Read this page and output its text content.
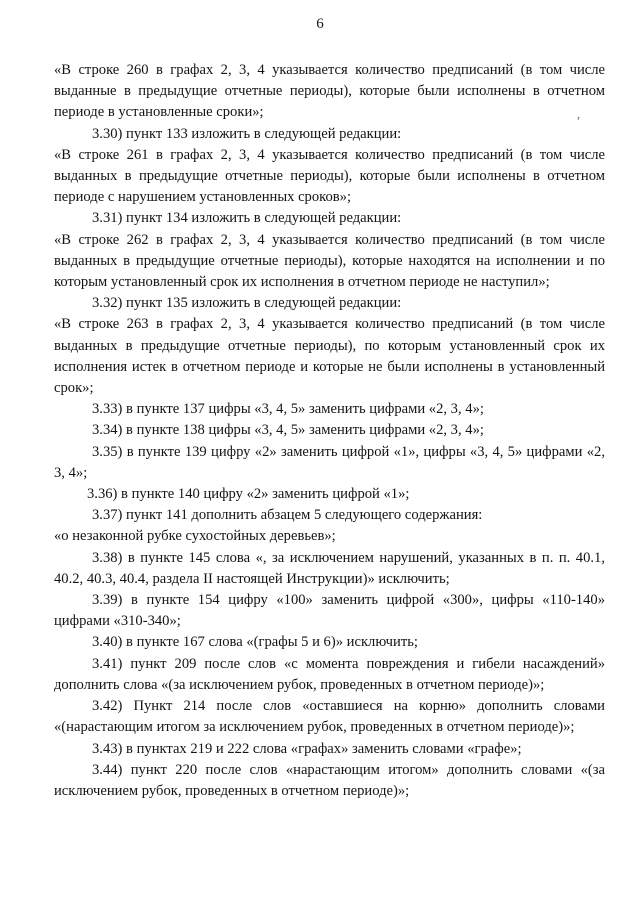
6
,

«В строке 260 в графах 2, 3, 4 указывается количество предписаний (в том числе выданные в предыдущие отчетные периоды), которые были исполнены в отчетном периоде в установленные сроки»;

3.30) пункт 133 изложить в следующей редакции:

«В строке 261 в графах 2, 3, 4 указывается количество предписаний (в том числе выданных в предыдущие отчетные периоды), которые были исполнены в отчетном периоде с нарушением установленных сроков»;

3.31) пункт 134 изложить в следующей редакции:

«В строке 262 в графах 2, 3, 4 указывается количество предписаний (в том числе выданных в предыдущие отчетные периоды), которые находятся на исполнении и по которым установленный срок их исполнения в отчетном периоде не наступил»;

3.32) пункт 135 изложить в следующей редакции:

«В строке 263 в графах 2, 3, 4 указывается количество предписаний (в том числе выданных в предыдущие отчетные периоды), по которым установленный срок их исполнения истек в отчетном периоде и которые не были исполнены в установленный срок»;

3.33) в пункте 137 цифры «3, 4, 5» заменить цифрами «2, 3, 4»;

3.34) в пункте 138 цифры «3, 4, 5» заменить цифрами «2, 3, 4»;

3.35) в пункте 139 цифру «2» заменить цифрой «1», цифры «3, 4, 5» цифрами «2, 3, 4»;

3.36) в пункте 140 цифру «2» заменить цифрой «1»;

3.37) пункт 141 дополнить абзацем 5 следующего содержания:

«о незаконной рубке сухостойных деревьев»;

3.38) в пункте 145 слова «, за исключением нарушений, указанных в п. п. 40.1, 40.2, 40.3, 40.4, раздела II настоящей Инструкции)» исключить;

3.39) в пункте 154 цифру «100» заменить цифрой «300», цифры «110-140» цифрами «310-340»;

3.40) в пункте 167 слова «(графы 5 и 6)» исключить;

3.41) пункт 209 после слов «с момента повреждения и гибели насаждений» дополнить слова «(за исключением рубок, проведенных в отчетном периоде)»;

3.42) Пункт 214 после слов «оставшиеся на корню» дополнить словами «(нарастающим итогом за исключением рубок, проведенных в отчетном периоде)»;

3.43) в пунктах 219 и 222 слова «графах» заменить словами «графе»;

3.44) пункт 220 после слов «нарастающим итогом» дополнить словами «(за исключением рубок, проведенных в отчетном периоде)»;
